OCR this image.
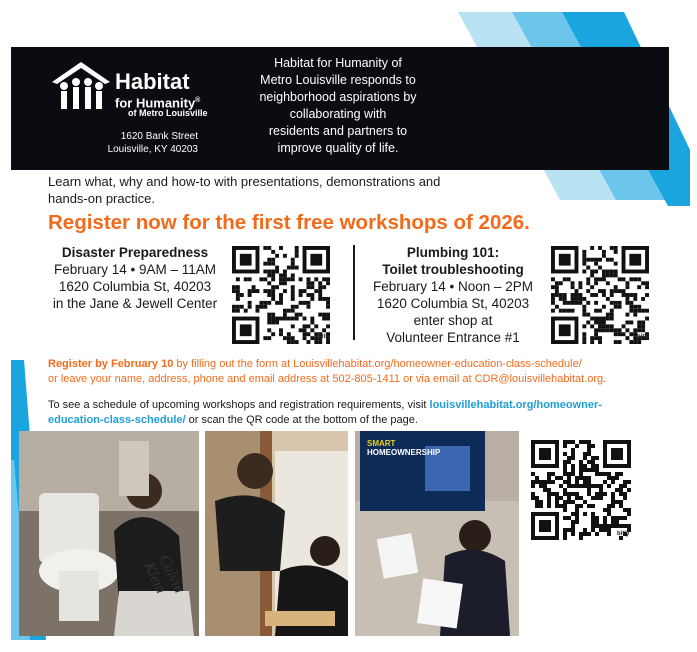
Habitat
for Humanity®
of Metro Louisville
1620 Bank Street
Louisville, KY 40203
Habitat for Humanity of
Metro Louisville responds to
neighborhood aspirations by
collaborating with
residents and partners to
improve quality of life.
Learn what, why and how-to with presentations, demonstrations and
hands-on practice.
Register now for the first free workshops of 2026.
Disaster Preparedness
February 14 • 9AM – 11AM
1620 Columbia St, 40203
in the Jane & Jewell Center
bitly
Plumbing 101:
Toilet troubleshooting
February 14 • Noon – 2PM
1620 Columbia St, 40203
enter shop at
Volunteer Entrance #1	bitly
Register by February 10 by filling out the form at Louisvillehabitat.org/homeowner-education-class-schedule/
or leave your name, address, phone and email address at 502-805-1411 or via email at CDR@louisvillehabitat.org.
To see a schedule of upcoming workshops and registration requirements, visit louisvillehabitat.org/homeowner-
education-class-schedule/ or scan the QR code at the bottom of the page.
Calvin Klein
SMART
HOMEOWNERSHIP
bitly
